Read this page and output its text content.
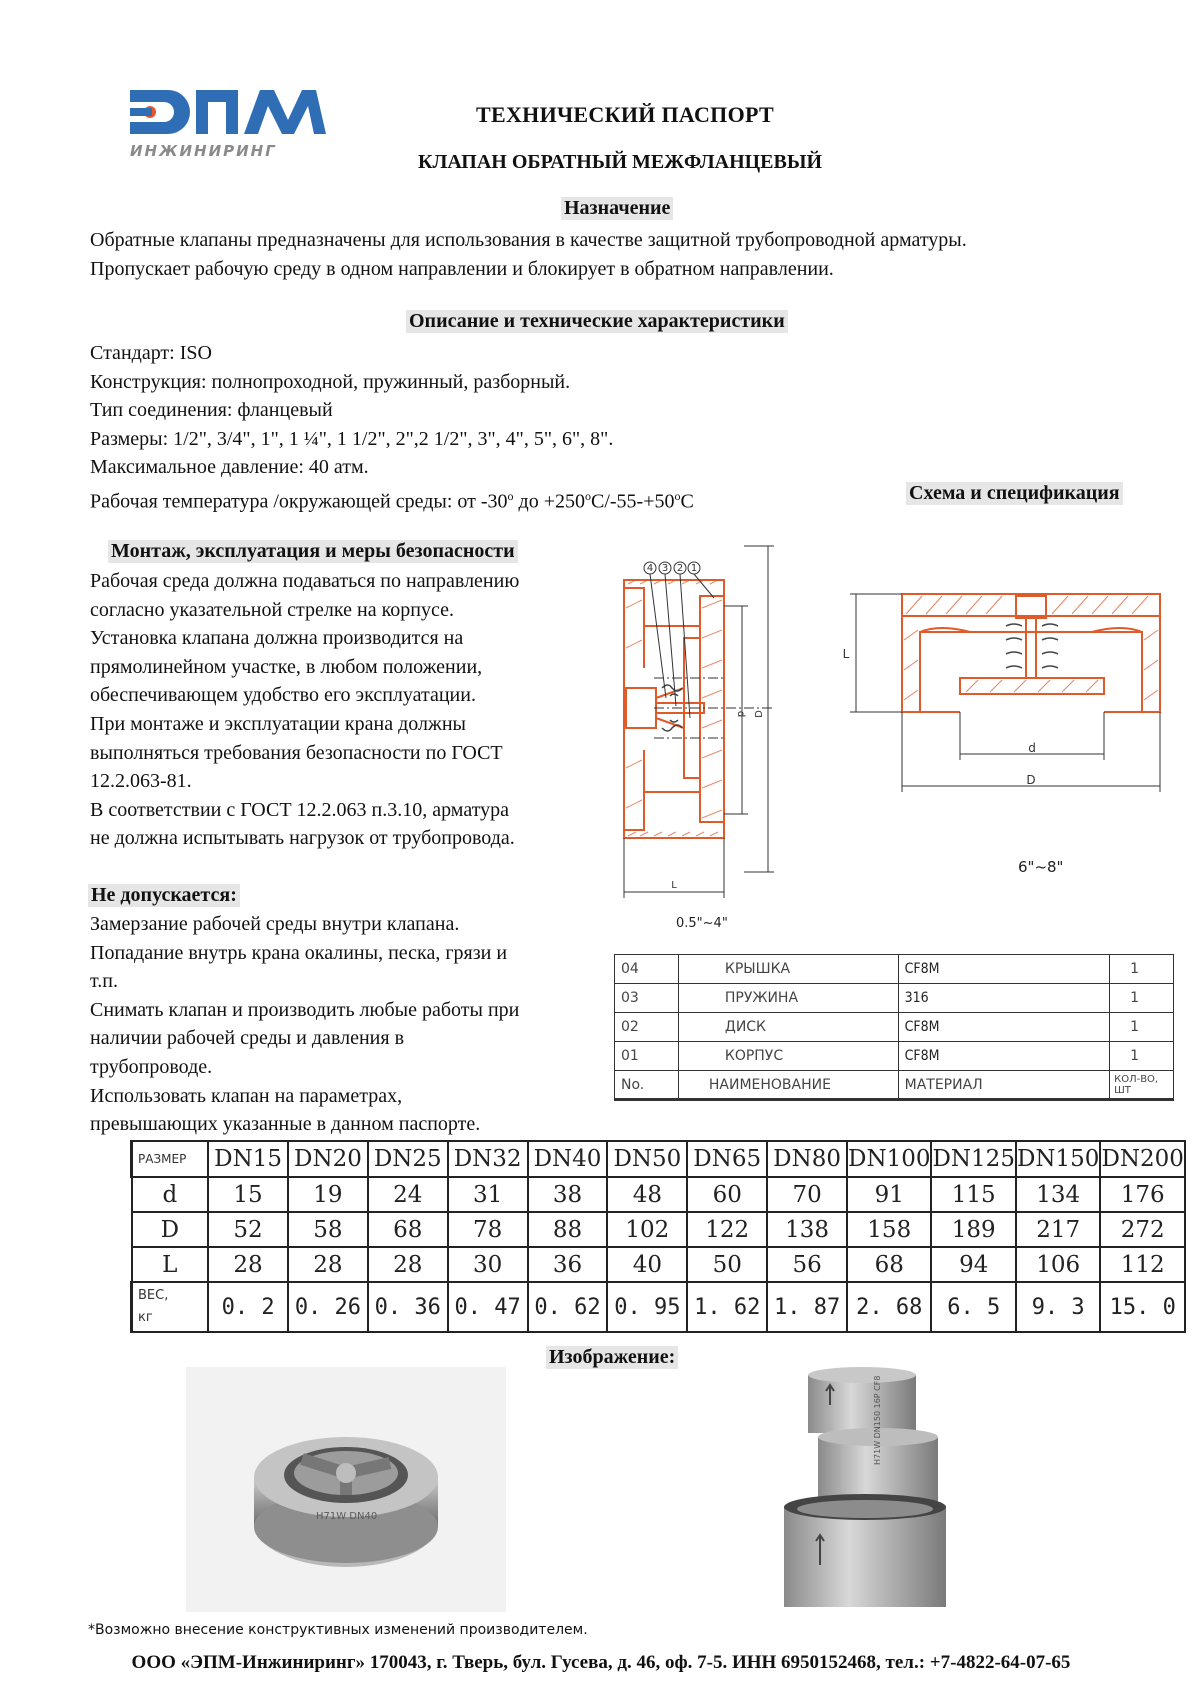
ИНЖИНИРИНГ
ТЕХНИЧЕСКИЙ ПАСПОРТ
КЛАПАН ОБРАТНЫЙ МЕЖФЛАНЦЕВЫЙ
Назначение

Обратные клапаны предназначены для использования в качестве защитной трубопроводной арматуры.

Пропускает рабочую среду в одном направлении и блокирует в обратном направлении.

Описание и технические характеристики

Стандарт: ISO

Конструкция: полнопроходной, пружинный, разборный.

Тип соединения: фланцевый

Размеры: 1/2", 3/4", 1", 1 ¼", 1 1/2", 2",2 1/2", 3", 4", 5", 6", 8".

Максимальное давление: 40 атм.

Рабочая температура /окружающей среды: от -30$^o$ до $+250^oС/-55-+50^oС$	Схема и спецификация
Монтаж, эксплуатация и меры безопасности

Рабочая среда должна подаваться по направлению

согласно указательной стрелке на корпусе.

Установка клапана должна производится на

прямолинейном участке, в любом положении,

обеспечивающем удобство его эксплуатации.

При монтаже и эксплуатации крана должны

выполняться требования безопасности по ГОСТ

12.2.063-81.

В соответствии с ГОСТ 12.2.063 п.3.10, арматура

не должна испытывать нагрузок от трубопровода.

Не допускается:

Замерзание рабочей среды внутри клапана.

Попадание внутрь крана окалины, песка, грязи и

т.п.

Снимать клапан и производить любые работы при

наличии рабочей среды и давления в

трубопроводе.

Использовать клапан на параметрах,

превышающих указанные в данном паспорте.

4 3 2 1
d D
L
0.5"~4"
L
d
D
6"~8"
04	КРЫШКА	CF8M	1
03	ПРУЖИНА	316	1
02	ДИСК	CF8M	1
01	КОРПУС	CF8M	1
No.	НАИМЕНОВАНИЕ	МАТЕРИАЛ	КОЛ-ВО,
ШТ
РАЗМЕР	DN15	DN20	DN25	DN32	DN40	DN50	DN65	DN80	DN100	DN125	DN150	DN200
d	15	19	24	31	38	48	60	70	91	115	134	176
D	52	58	68	78	88	102	122	138	158	189	217	272
L	28	28	28	30	36	40	50	56	68	94	106	112
ВЕС,
кг	0. 2	0. 26	0. 36	0. 47	0. 62	0. 95	1. 62	1. 87	2. 68	6. 5	9. 3	15. 0
Изображение:
H71W DN40
H71W DN150 16P CF8
*Возможно внесение конструктивных изменений производителем.
ООО «ЭПМ-Инжиниринг» 170043, г. Тверь, бул. Гусева, д. 46, оф. 7-5. ИНН 6950152468, тел.: +7-4822-64-07-65
